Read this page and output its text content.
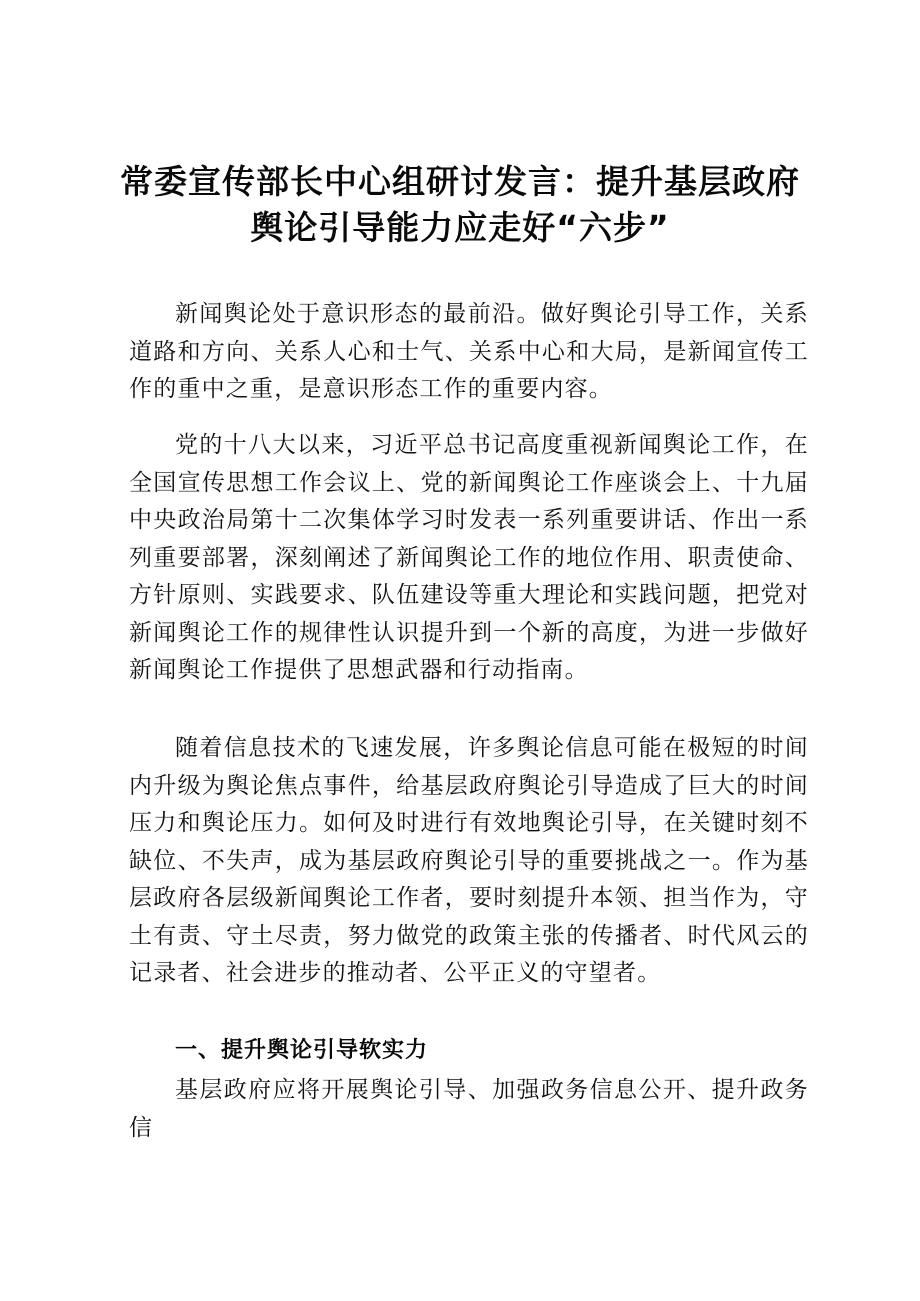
常委宣传部长中心组研讨发言：提升基层政府
舆论引导能力应走好“六步”

新闻舆论处于意识形态的最前沿。做好舆论引导工作，关系道路和方向、关系人心和士气、关系中心和大局，是新闻宣传工作的重中之重，是意识形态工作的重要内容。

党的十八大以来，习近平总书记高度重视新闻舆论工作，在全国宣传思想工作会议上、党的新闻舆论工作座谈会上、十九届中央政治局第十二次集体学习时发表一系列重要讲话、作出一系列重要部署，深刻阐述了新闻舆论工作的地位作用、职责使命、方针原则、实践要求、队伍建设等重大理论和实践问题，把党对新闻舆论工作的规律性认识提升到一个新的高度，为进一步做好新闻舆论工作提供了思想武器和行动指南。

随着信息技术的飞速发展，许多舆论信息可能在极短的时间内升级为舆论焦点事件，给基层政府舆论引导造成了巨大的时间压力和舆论压力。如何及时进行有效地舆论引导，在关键时刻不缺位、不失声，成为基层政府舆论引导的重要挑战之一。作为基层政府各层级新闻舆论工作者，要时刻提升本领、担当作为，守土有责、守土尽责，努力做党的政策主张的传播者、时代风云的记录者、社会进步的推动者、公平正义的守望者。

一、提升舆论引导软实力

基层政府应将开展舆论引导、加强政务信息公开、提升政务信
